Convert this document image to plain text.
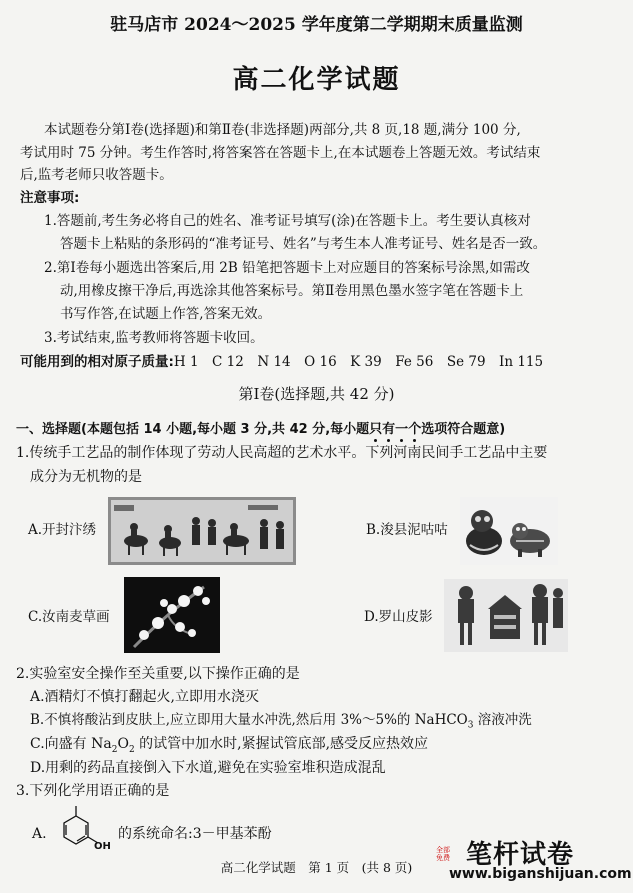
驻马店市 2024～2025 学年度第二学期期末质量监测
高二化学试题
本试题卷分第Ⅰ卷(选择题)和第Ⅱ卷(非选择题)两部分,共 8 页,18 题,满分 100 分,
考试用时 75 分钟。考生作答时,将答案答在答题卡上,在本试题卷上答题无效。考试结束
后,监考老师只收答题卡。
注意事项:
1.答题前,考生务必将自己的姓名、准考证号填写(涂)在答题卡上。考生要认真核对
答题卡上粘贴的条形码的“准考证号、姓名”与考生本人准考证号、姓名是否一致。
2.第Ⅰ卷每小题选出答案后,用 2B 铅笔把答题卡上对应题目的答案标号涂黑,如需改
动,用橡皮擦干净后,再选涂其他答案标号。第Ⅱ卷用黑色墨水签字笔在答题卡上
书写作答,在试题上作答,答案无效。
3.考试结束,监考教师将答题卡收回。
可能用到的相对原子质量:H 1　C 12　N 14　O 16　K 39　Fe 56　Se 79　In 115
第Ⅰ卷(选择题,共 42 分)
一、选择题(本题包括 14 小题,每小题 3 分,共 42 分,每小题只有一个选项符合题意)
1.传统手工艺品的制作体现了劳动人民高超的艺术水平。下列河南民间手工艺品中主要
成分为无机物的是
A.开封汴绣	B.浚县泥咕咕
C.汝南麦草画	D.罗山皮影
2.实验室安全操作至关重要,以下操作正确的是
A.酒精灯不慎打翻起火,立即用水浇灭
B.不慎将酸沾到皮肤上,应立即用大量水冲洗,然后用 3%～5%的 NaHCO$_3$ 溶液冲洗
C.向盛有 $Na_2O_2$ 的试管中加水时,紧握试管底部,感受反应热效应
D.用剩的药品直接倒入下水道,避免在实验室堆积造成混乱
3.下列化学用语正确的是
A.
OH
的系统命名:3－甲基苯酚
高二化学试题　第 1 页　(共 8 页)
全部免费 笔杆试卷
www.biganshijuan.com
